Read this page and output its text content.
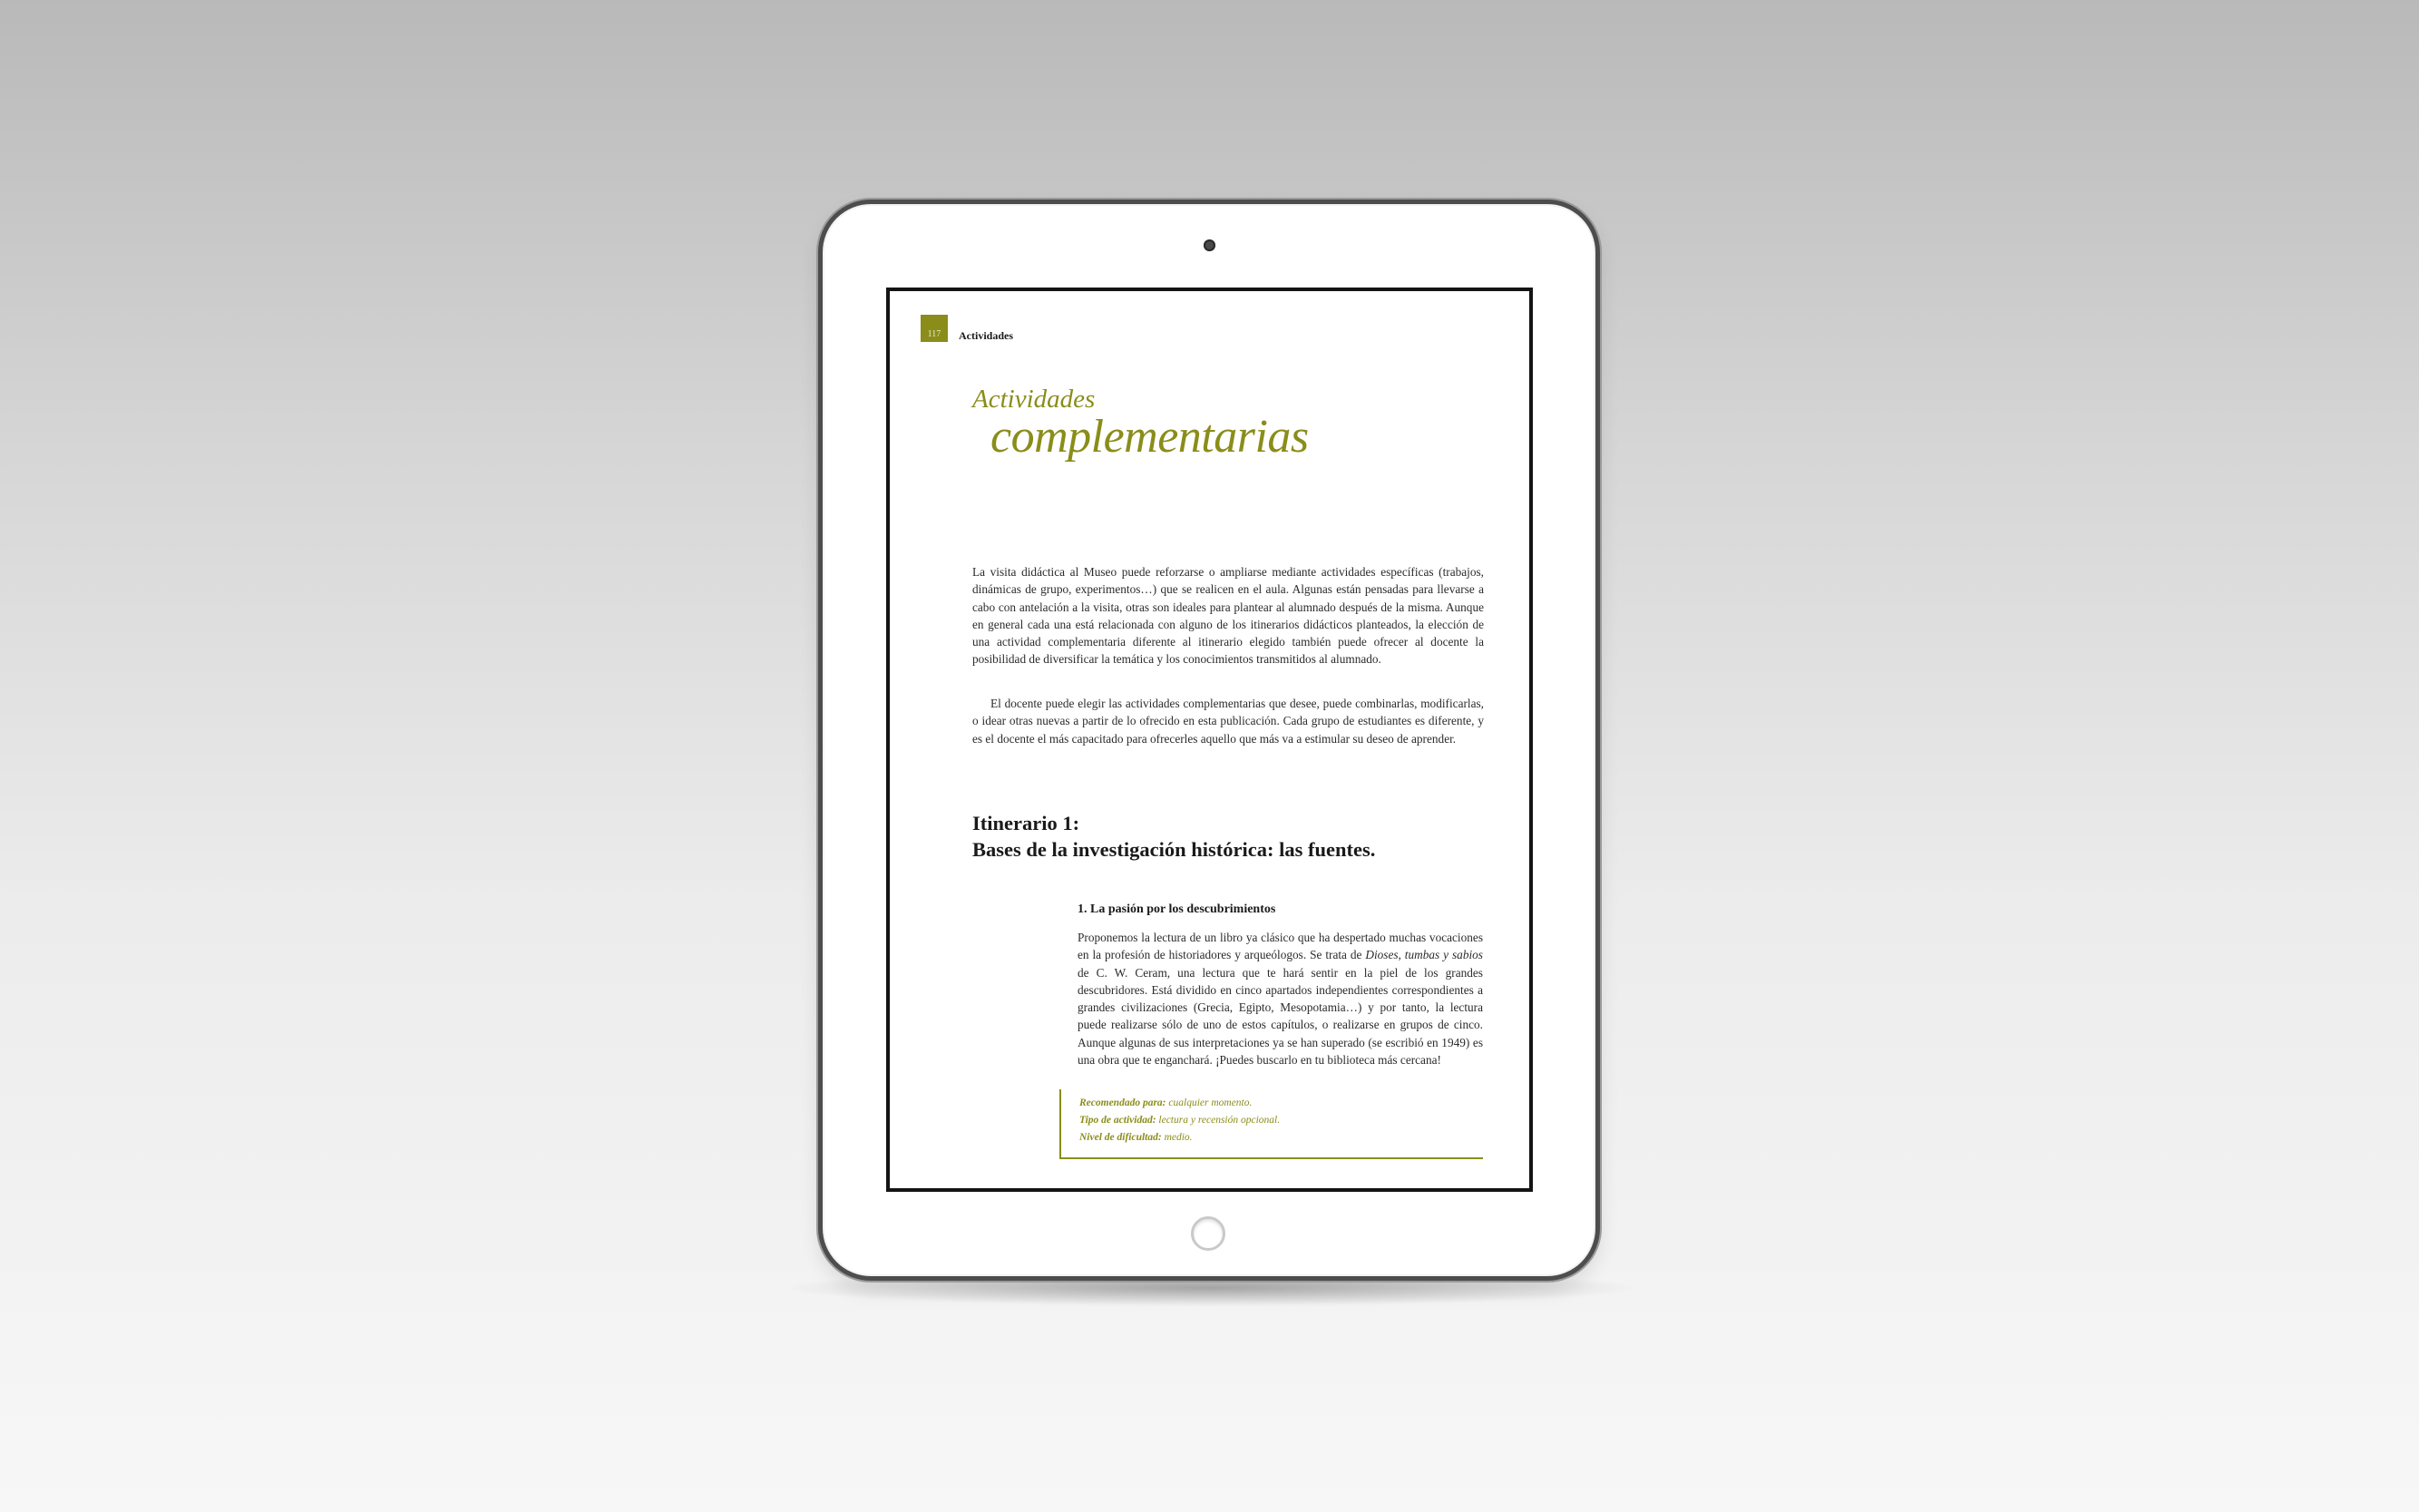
117 Actividades
Actividades
complementarias

La visita didáctica al Museo puede reforzarse o ampliarse mediante actividades específicas (trabajos, dinámicas de grupo, experimentos…) que se realicen en el aula. Algunas están pensadas para llevarse a cabo con antelación a la visita, otras son ideales para plantear al alumnado después de la misma. Aunque en general cada una está relacionada con alguno de los itinerarios didácticos planteados, la elección de una actividad complementaria diferente al itinerario elegido también puede ofrecer al docente la posibilidad de diversificar la temática y los conocimientos transmitidos al alumnado.

El docente puede elegir las actividades complementarias que desee, puede combinarlas, modificarlas, o idear otras nuevas a partir de lo ofrecido en esta publicación. Cada grupo de estudiantes es diferente, y es el docente el más capacitado para ofrecerles aquello que más va a estimular su deseo de aprender.

Itinerario 1:
Bases de la investigación histórica: las fuentes.
1. La pasión por los descubrimientos

Proponemos la lectura de un libro ya clásico que ha despertado muchas vocaciones en la profesión de historiadores y arqueólogos. Se trata de Dioses, tumbas y sabios de C. W. Ceram, una lectura que te hará sentir en la piel de los grandes descubridores. Está dividido en cinco apartados independientes correspondientes a grandes civilizaciones (Grecia, Egipto, Mesopotamia…) y por tanto, la lectura puede realizarse sólo de uno de estos capítulos, o realizarse en grupos de cinco. Aunque algunas de sus interpretaciones ya se han superado (se escribió en 1949) es una obra que te enganchará. ¡Puedes buscarlo en tu biblioteca más cercana!

Recomendado para: cualquier momento.
Tipo de actividad: lectura y recensión opcional.
Nivel de dificultad: medio.
